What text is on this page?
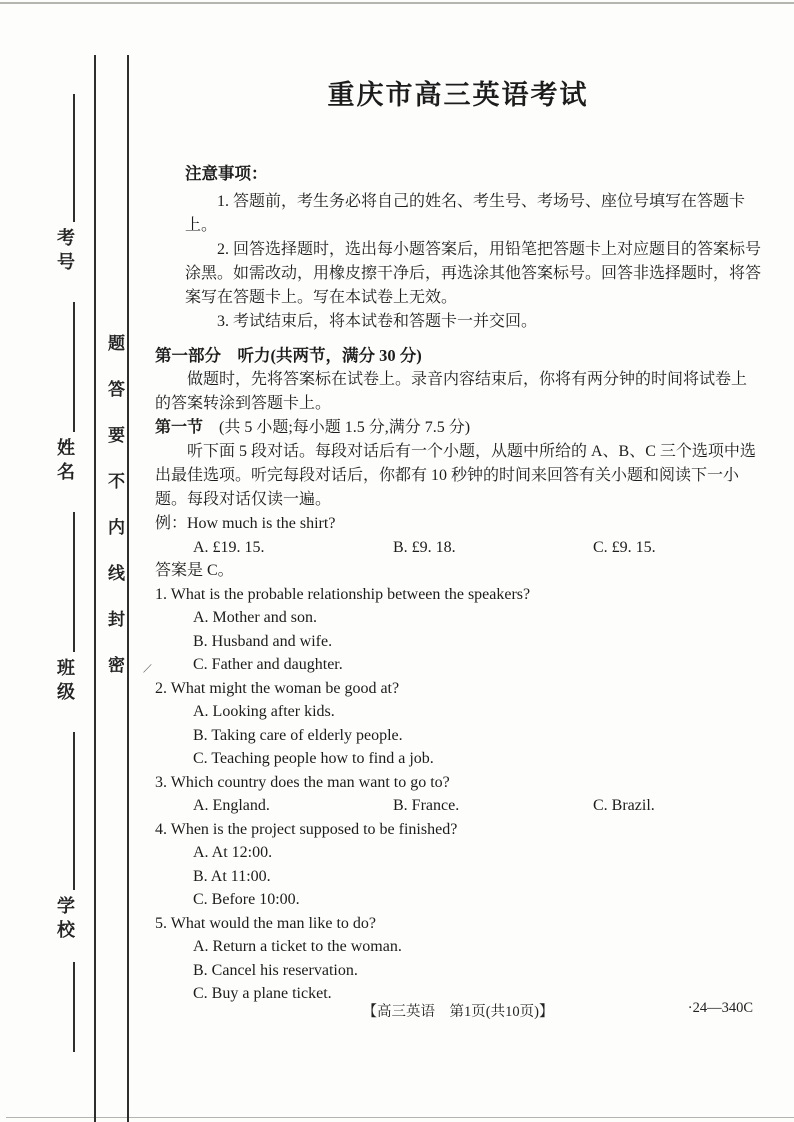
考号
姓名
班级
学校
题答要不内线封密 ∕
重庆市高三英语考试
注意事项：

1. 答题前，考生务必将自己的姓名、考生号、考场号、座位号填写在答题卡上。

2. 回答选择题时，选出每小题答案后，用铅笔把答题卡上对应题目的答案标号涂黑。如需改动，用橡皮擦干净后，再选涂其他答案标号。回答非选择题时，将答案写在答题卡上。写在本试卷上无效。

3. 考试结束后，将本试卷和答题卡一并交回。

第一部分　听力(共两节，满分 30 分)

做题时，先将答案标在试卷上。录音内容结束后，你将有两分钟的时间将试卷上的答案转涂到答题卡上。

第一节　(共 5 小题;每小题 1.5 分,满分 7.5 分)

听下面 5 段对话。每段对话后有一个小题，从题中所给的 A、B、C 三个选项中选出最佳选项。听完每段对话后，你都有 10 秒钟的时间来回答有关小题和阅读下一小题。每段对话仅读一遍。

例：How much is the shirt?

A. £19. 15.	B. £9. 18.	C. £9. 15.

答案是 C。

1. What is the probable relationship between the speakers?

A. Mother and son.

B. Husband and wife.

C. Father and daughter.

2. What might the woman be good at?

A. Looking after kids.

B. Taking care of elderly people.

C. Teaching people how to find a job.

3. Which country does the man want to go to?

A. England.	B. France.	C. Brazil.

4. When is the project supposed to be finished?

A. At 12:00.

B. At 11:00.

C. Before 10:00.

5. What would the man like to do?

A. Return a ticket to the woman.

B. Cancel his reservation.

C. Buy a plane ticket.

【高三英语　第1页(共10页)】	·24—340C
